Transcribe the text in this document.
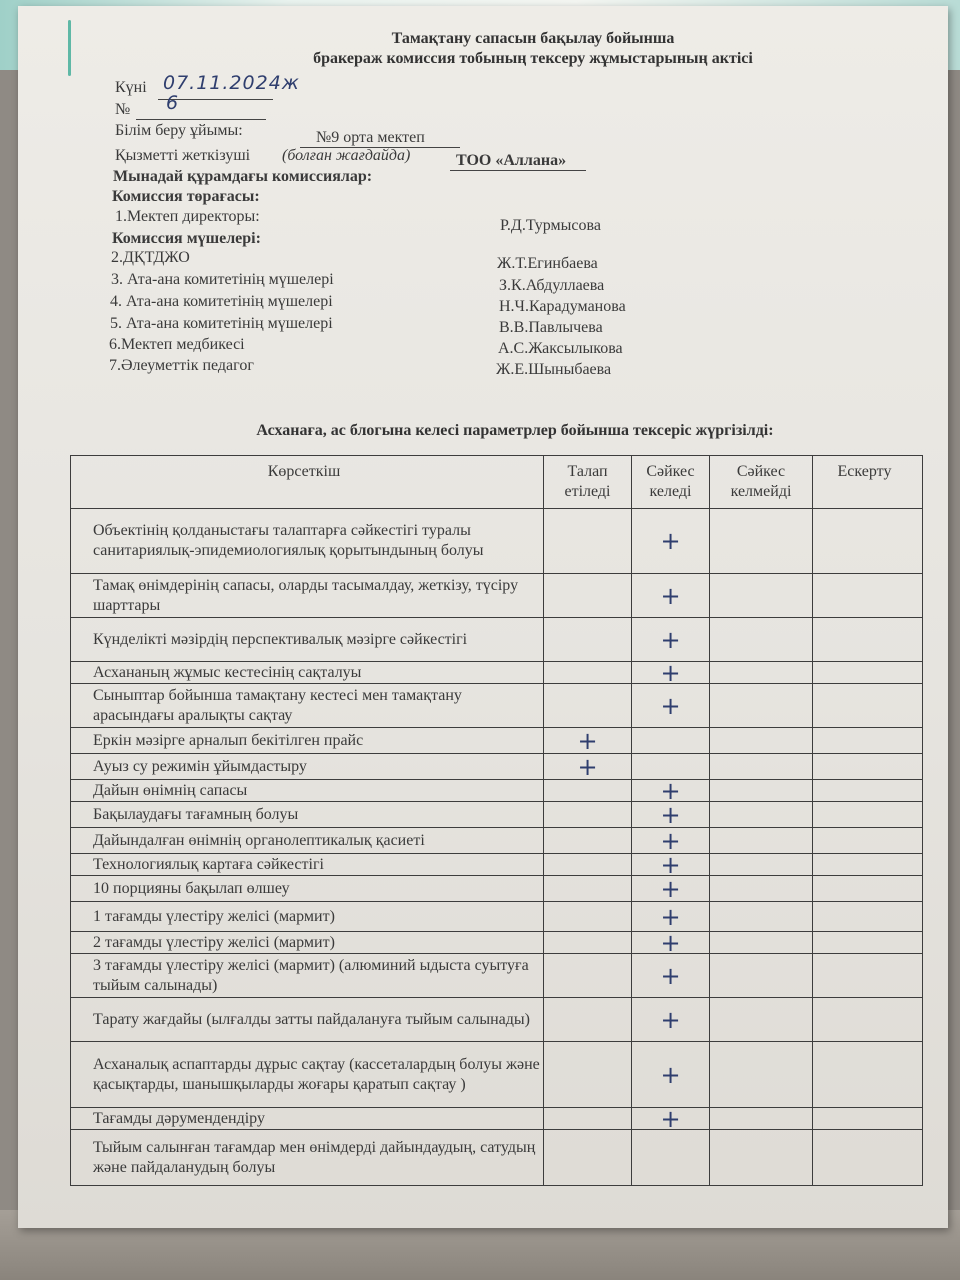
Тамақтану сапасын бақылау бойынша
бракераж комиссия тобының тексеру жұмыстарының актісі
Күні 07.11.2024ж
№ 6
Білім беру ұйымы:	№9 орта мектеп
Қызметті жеткізуші (болған жағдайда)	ТОО «Аллана»
Мынадай құрамдағы комиссиялар:
Комиссия төрағасы:
1.Мектеп директоры:
Р.Д.Турмысова
Комиссия мүшелері:
2.ДҚТДЖО	Ж.Т.Егинбаева
3. Ата-ана комитетінің мүшелері	З.К.Абдуллаева
4. Ата-ана комитетінің мүшелері	Н.Ч.Карадуманова
5. Ата-ана комитетінің мүшелері	В.В.Павлычева
6.Мектеп медбикесі	А.С.Жаксылыкова
7.Әлеуметтік педагог	Ж.Е.Шыныбаева
Асханаға, ас блогына келесі параметрлер бойынша тексеріс жүргізілді:
Көрсеткіш	Талап етіледі	Сәйкес келеді	Сәйкес келмейді	Ескерту
Объектінің қолданыстағы талаптарға сәйкестігі туралы санитариялық-эпидемиологиялық қорытындының болуы		+		
Тамақ өнімдерінің сапасы, оларды тасымалдау, жеткізу, түсіру шарттары		+		
Күнделікті мәзірдің перспективалық мәзірге сәйкестігі		+		
Асхананың жұмыс кестесінің сақталуы		+		
Сыныптар бойынша тамақтану кестесі мен тамақтану арасындағы аралықты сақтау		+		
Еркін мәзірге арналып бекітілген прайс	+			
Ауыз су режимін ұйымдастыру	+			
Дайын өнімнің сапасы		+		
Бақылаудағы тағамның болуы		+		
Дайындалған өнімнің органолептикалық қасиеті		+		
Технологиялық картаға сәйкестігі		+		
10 порцияны бақылап өлшеу		+		
1 тағамды үлестіру желісі (мармит)		+		
2 тағамды үлестіру желісі (мармит)		+		
3 тағамды үлестіру желісі (мармит) (алюминий ыдыста суытуға тыйым салынады)		+		
Тарату жағдайы (ылғалды затты пайдалануға тыйым салынады)		+		
Асханалық аспаптарды дұрыс сақтау (кассеталардың болуы және қасықтарды, шанышқыларды жоғары қаратып сақтау )		+		
Тағамды дәрумендендіру		+		
Тыйым салынған тағамдар мен өнімдерді дайындаудың, сатудың және пайдаланудың болуы				
